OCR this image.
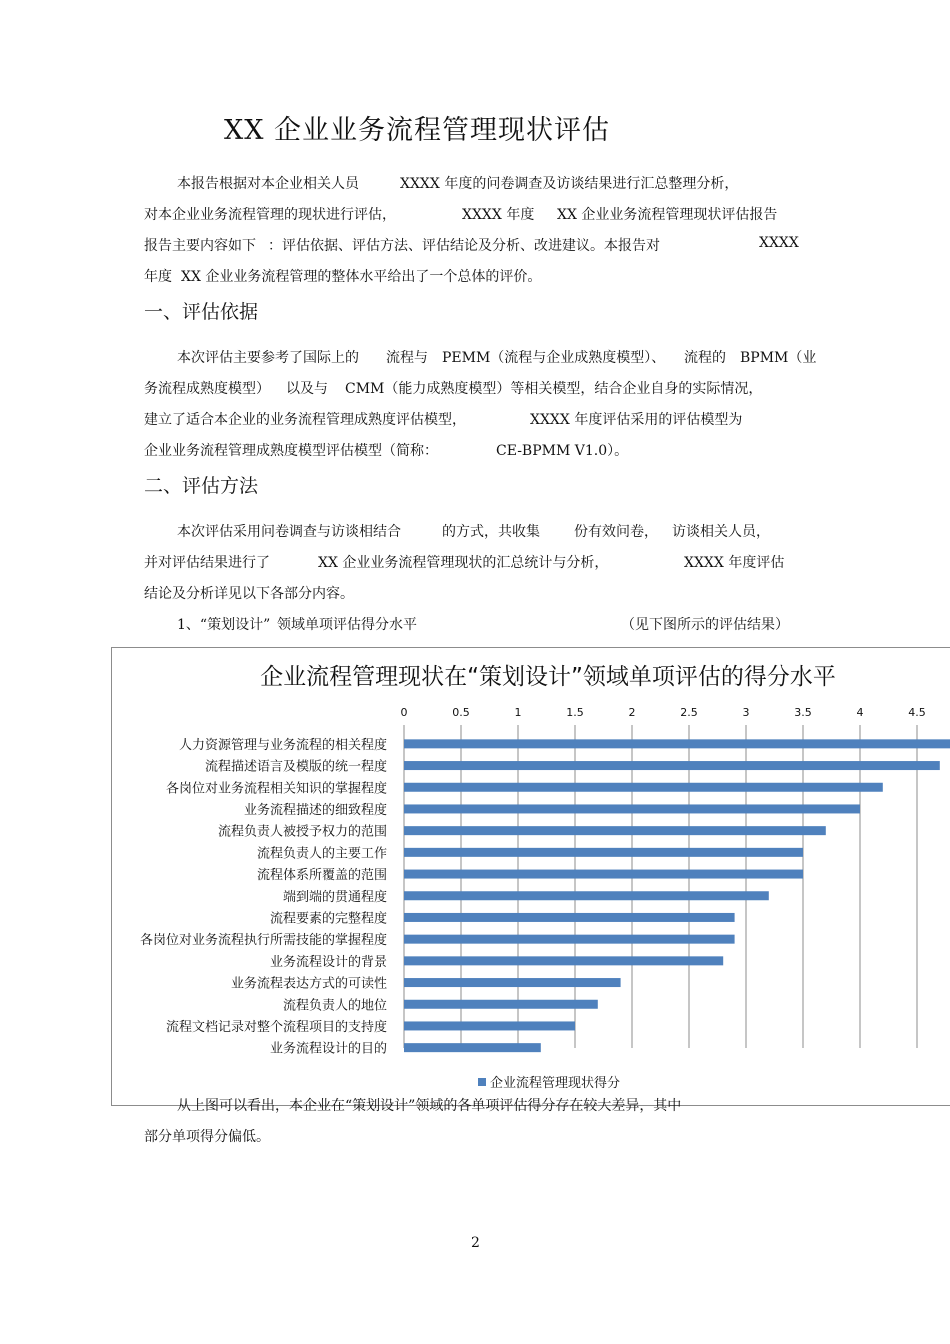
XX 企业业务流程管理现状评估
本报告根据对本企业相关人员	XXXX 年度的问卷调查及访谈结果进行汇总整理分析，
对本企业业务流程管理的现状进行评估，	XXXX 年度 XX 企业业务流程管理现状评估报告
报告主要内容如下 ：评估依据、评估方法、评估结论及分析、改进建议。本报告对	XXXX
年度 XX 企业业务流程管理的整体水平给出了一个总体的评价。
一、评估依据
本次评估主要参考了国际上的 流程与 PEMM（流程与企业成熟度模型）、 流程的 BPMM（业
务流程成熟度模型） 以及与 CMM（能力成熟度模型）等相关模型，结合企业自身的实际情况，
建立了适合本企业的业务流程管理成熟度评估模型，	XXXX 年度评估采用的评估模型为
企业业务流程管理成熟度模型评估模型（简称：	CE-BPMM V1.0）。
二、评估方法
本次评估采用问卷调查与访谈相结合	的方式，共收集 份有效问卷， 访谈相关人员，
并对评估结果进行了	XX 企业业务流程管理现状的汇总统计与分析，	XXXX 年度评估
结论及分析详见以下各部分内容。
1、“策划设计” 领域单项评估得分水平	（见下图所示的评估结果）
企业流程管理现状在“策划设计”领域单项评估的得分水平
0	0.5	1	1.5	2	2.5	3	3.5	4	4.5
人力资源管理与业务流程的相关程度
流程描述语言及模版的统一程度
各岗位对业务流程相关知识的掌握程度
业务流程描述的细致程度
流程负责人被授予权力的范围
流程负责人的主要工作
流程体系所覆盖的范围
端到端的贯通程度
流程要素的完整程度
各岗位对业务流程执行所需技能的掌握程度
业务流程设计的背景
业务流程表达方式的可读性
流程负责人的地位
流程文档记录对整个流程项目的支持度
业务流程设计的目的
企业流程管理现状得分
从上图可以看出，本企业在“策划设计”领域的各单项评估得分存在较大差异，其中
部分单项得分偏低。
2
